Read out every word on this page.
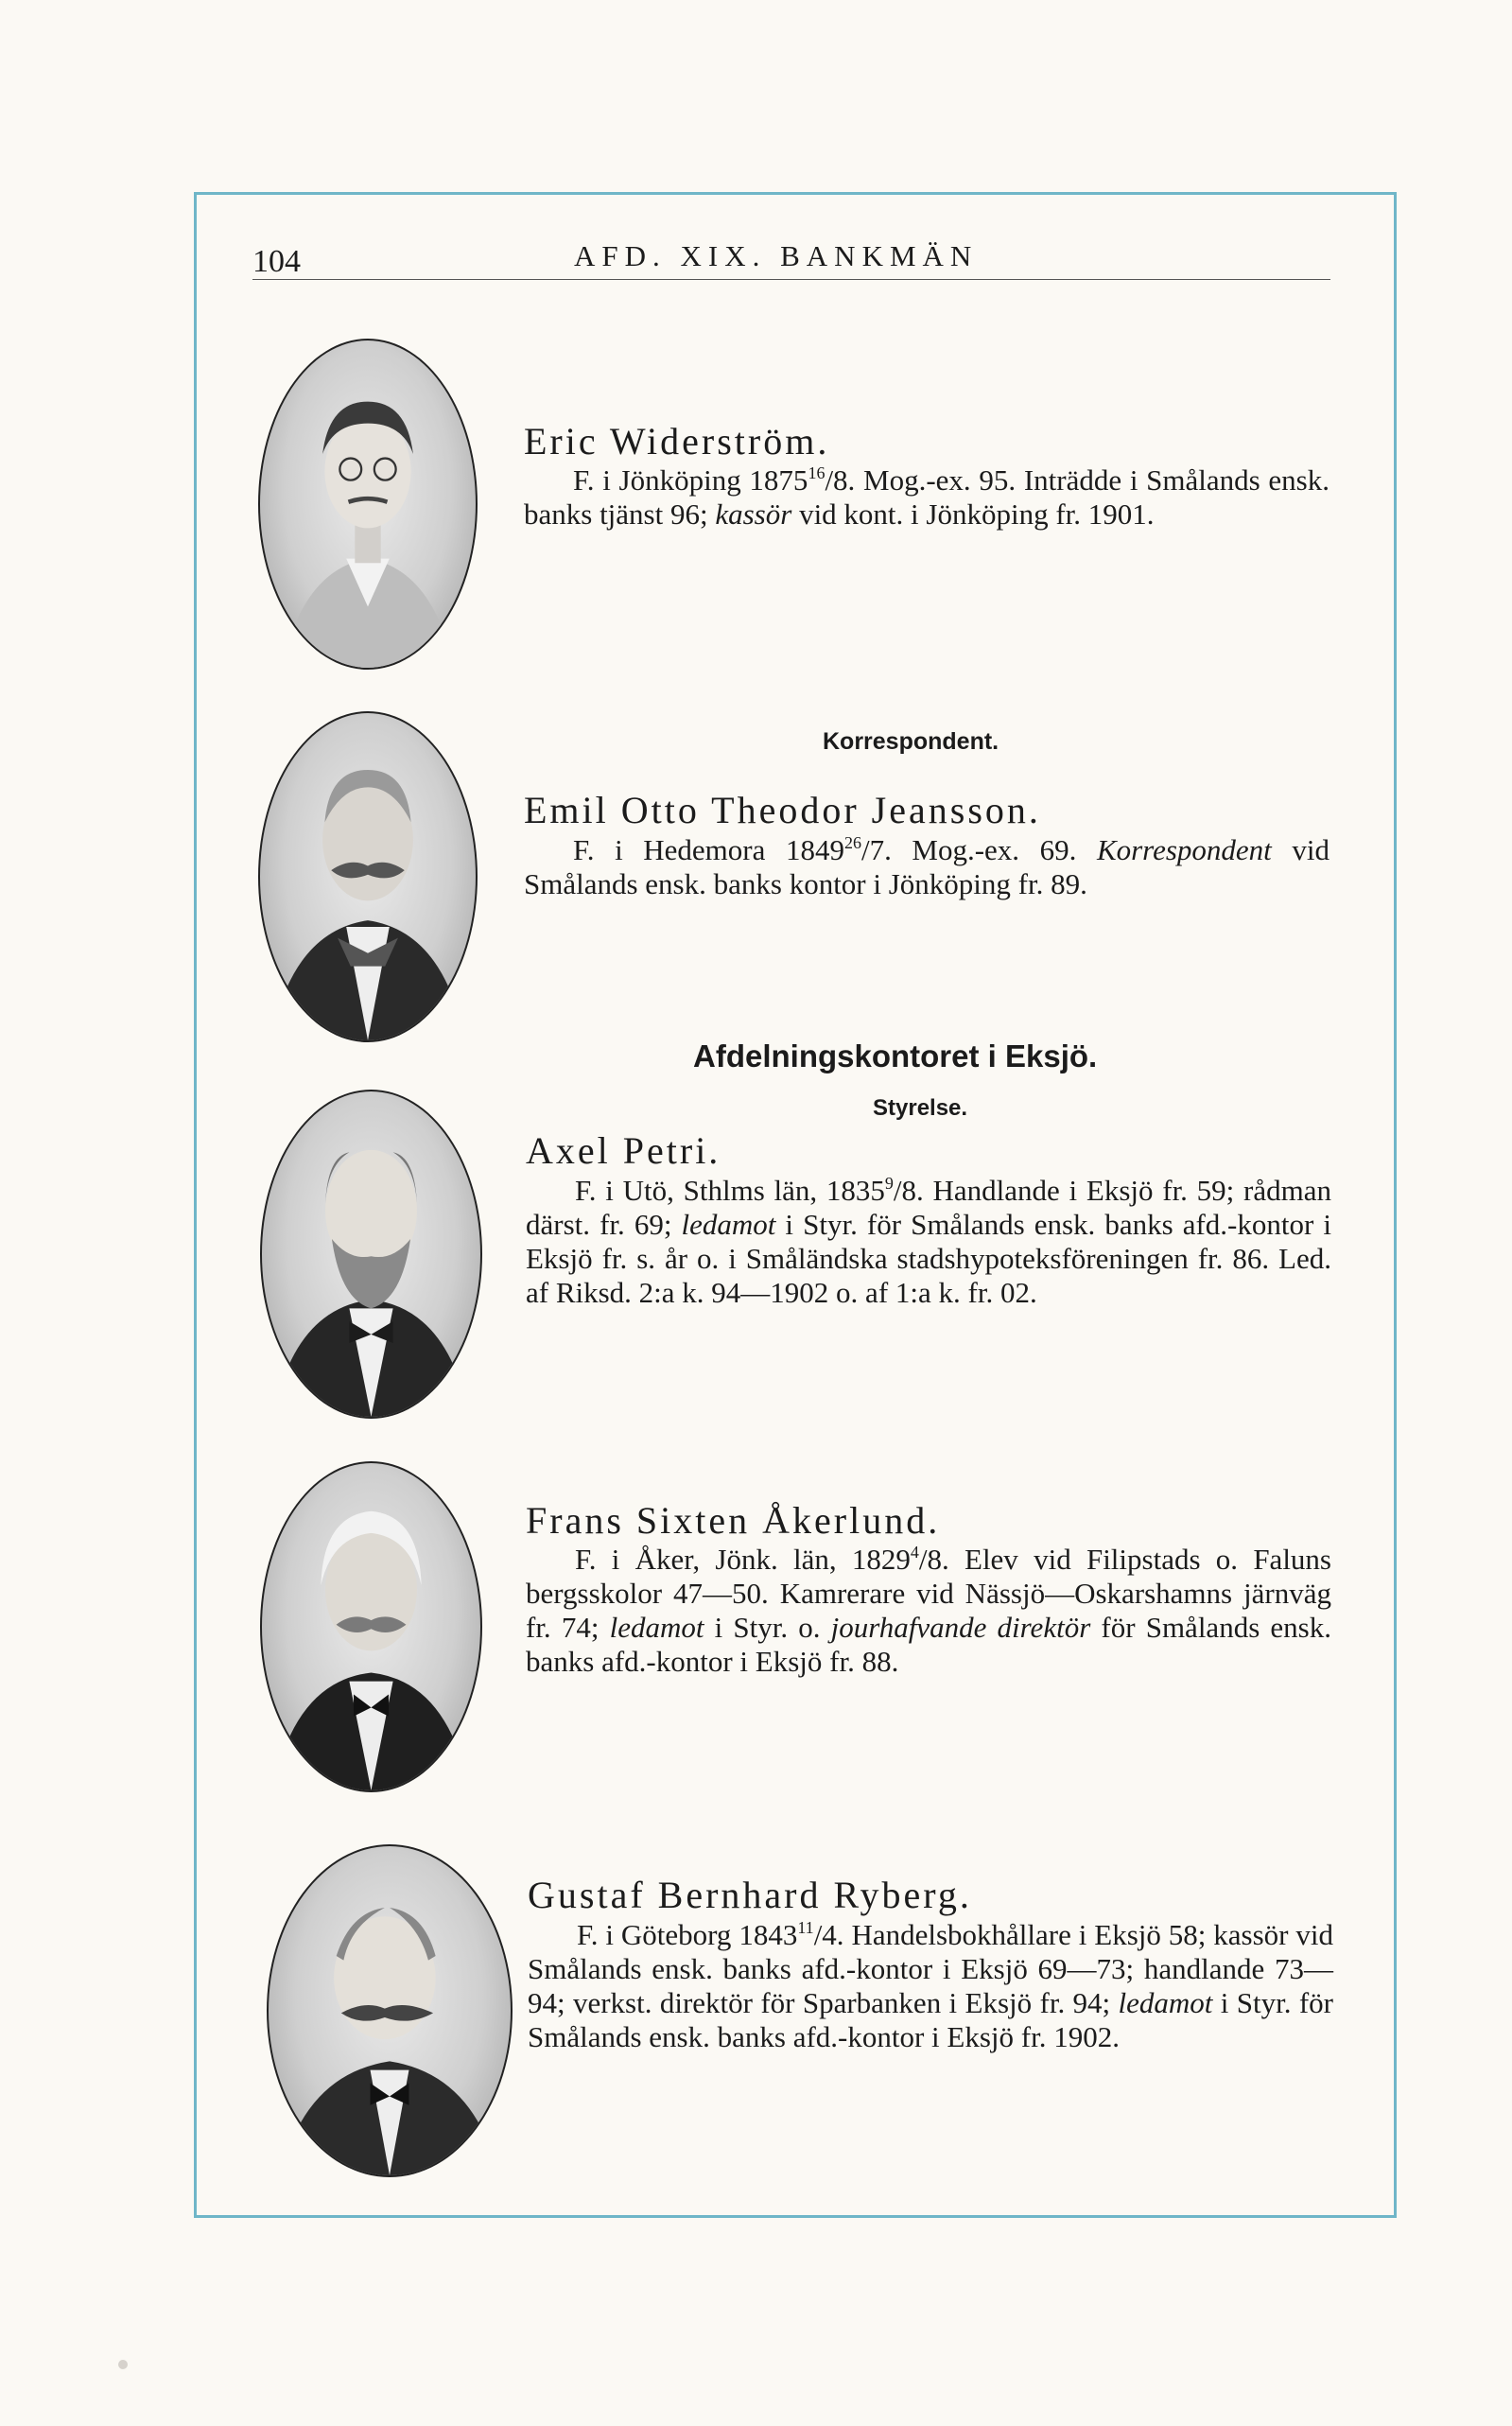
104	AFD. XIX. BANKMÄN
Eric Widerström.
F. i Jönköping 1875$^{16}$/8. Mog.-ex. 95. Inträdde i Smålands ensk. banks tjänst 96; kassör vid kont. i Jönköping fr. 1901.
Korrespondent.
Emil Otto Theodor Jeansson.
F. i Hedemora 1849$^{26}$/7. Mog.-ex. 69. Korrespondent vid Smålands ensk. banks kontor i Jönköping fr. 89.
Afdelningskontoret i Eksjö.
Styrelse.
Axel Petri.
F. i Utö, Sthlms län, 1835$^9$/8. Handlande i Eksjö fr. 59; rådman därst. fr. 69; ledamot i Styr. för Smålands ensk. banks afd.-kontor i Eksjö fr. s. år o. i Småländska stadshypoteksföreningen fr. 86. Led. af Riksd. 2:a k. 94—1902 o. af 1:a k. fr. 02.
Frans Sixten Åkerlund.
F. i Åker, Jönk. län, 1829$^4$/8. Elev vid Filipstads o. Faluns bergsskolor 47—50. Kamrerare vid Nässjö—Oskarshamns järnväg fr. 74; ledamot i Styr. o. jourhafvande direktör för Smålands ensk. banks afd.-kontor i Eksjö fr. 88.
Gustaf Bernhard Ryberg.
F. i Göteborg 1843$^{11}$/4. Handelsbokhållare i Eksjö 58; kassör vid Smålands ensk. banks afd.-kontor i Eksjö 69—73; handlande 73—94; verkst. direktör för Sparbanken i Eksjö fr. 94; ledamot i Styr. för Smålands ensk. banks afd.-kontor i Eksjö fr. 1902.
